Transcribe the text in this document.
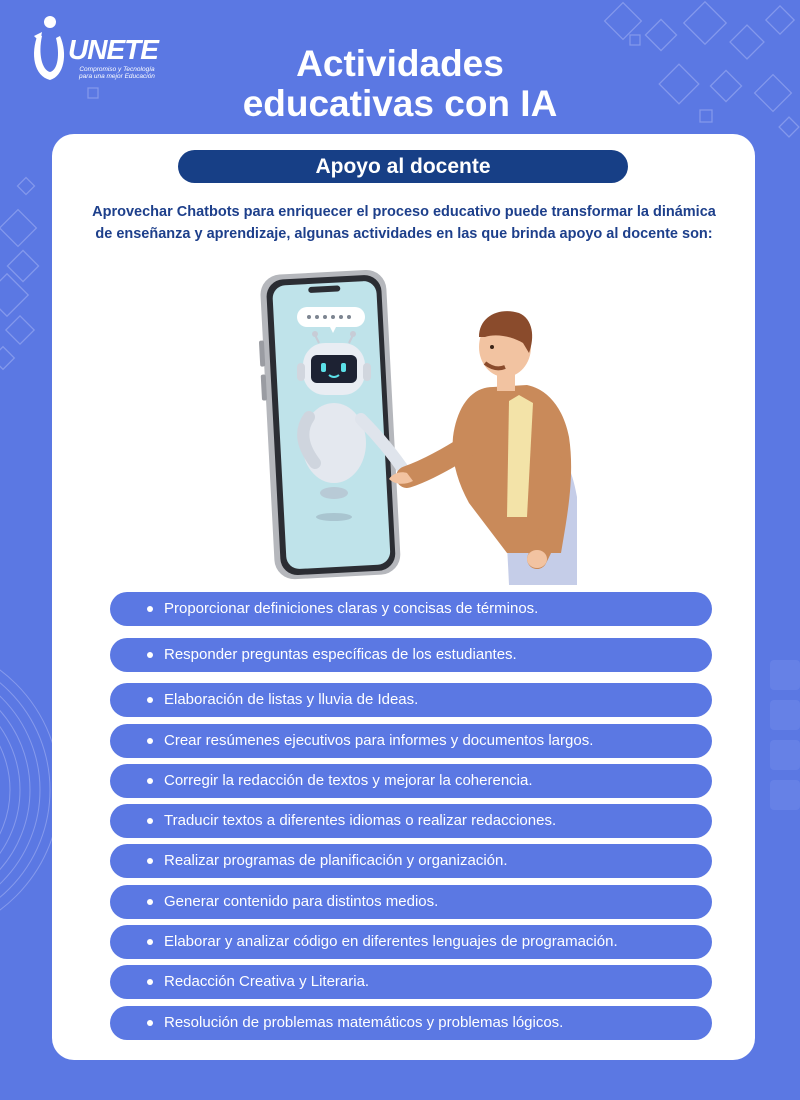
UNETE
Compromiso y Tecnología
para una mejor Educación	Actividades
educativas con IA
Apoyo al docente
Aprovechar Chatbots para enriquecer el proceso educativo puede transformar la dinámica de enseñanza y aprendizaje, algunas actividades en las que brinda apoyo al docente son:
Proporcionar definiciones claras y concisas de términos.
Responder preguntas específicas de los estudiantes.
Elaboración de listas y lluvia de Ideas.
Crear resúmenes ejecutivos para informes y documentos largos.
Corregir la redacción de textos y mejorar la coherencia.
Traducir textos a diferentes idiomas o realizar redacciones.
Realizar programas de planificación y organización.
Generar contenido para distintos medios.
Elaborar y analizar código en diferentes lenguajes de programación.
Redacción Creativa y Literaria.
Resolución de problemas matemáticos y problemas lógicos.
